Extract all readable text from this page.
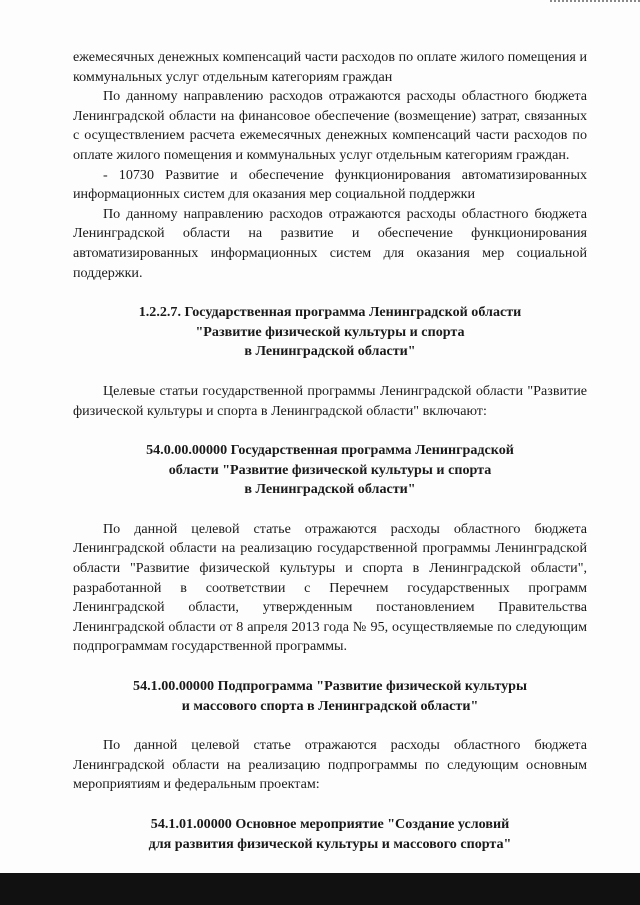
ежемесячных денежных компенсаций части расходов по оплате жилого помещения и коммунальных услуг отдельным категориям граждан

По данному направлению расходов отражаются расходы областного бюджета Ленинградской области на финансовое обеспечение (возмещение) затрат, связанных с осуществлением расчета ежемесячных денежных компенсаций части расходов по оплате жилого помещения и коммунальных услуг отдельным категориям граждан.

- 10730 Развитие и обеспечение функционирования автоматизированных информационных систем для оказания мер социальной поддержки

По данному направлению расходов отражаются расходы областного бюджета Ленинградской области на развитие и обеспечение функционирования автоматизированных информационных систем для оказания мер социальной поддержки.

1.2.2.7. Государственная программа Ленинградской области
"Развитие физической культуры и спорта
в Ленинградской области"

Целевые статьи государственной программы Ленинградской области "Развитие физической культуры и спорта в Ленинградской области" включают:

54.0.00.00000 Государственная программа Ленинградской
области "Развитие физической культуры и спорта
в Ленинградской области"

По данной целевой статье отражаются расходы областного бюджета Ленинградской области на реализацию государственной программы Ленинградской области "Развитие физической культуры и спорта в Ленинградской области", разработанной в соответствии с Перечнем государственных программ Ленинградской области, утвержденным постановлением Правительства Ленинградской области от 8 апреля 2013 года № 95, осуществляемые по следующим подпрограммам государственной программы.

54.1.00.00000 Подпрограмма "Развитие физической культуры
и массового спорта в Ленинградской области"

По данной целевой статье отражаются расходы областного бюджета Ленинградской области на реализацию подпрограммы по следующим основным мероприятиям и федеральным проектам:

54.1.01.00000 Основное мероприятие "Создание условий
для развития физической культуры и массового спорта"
